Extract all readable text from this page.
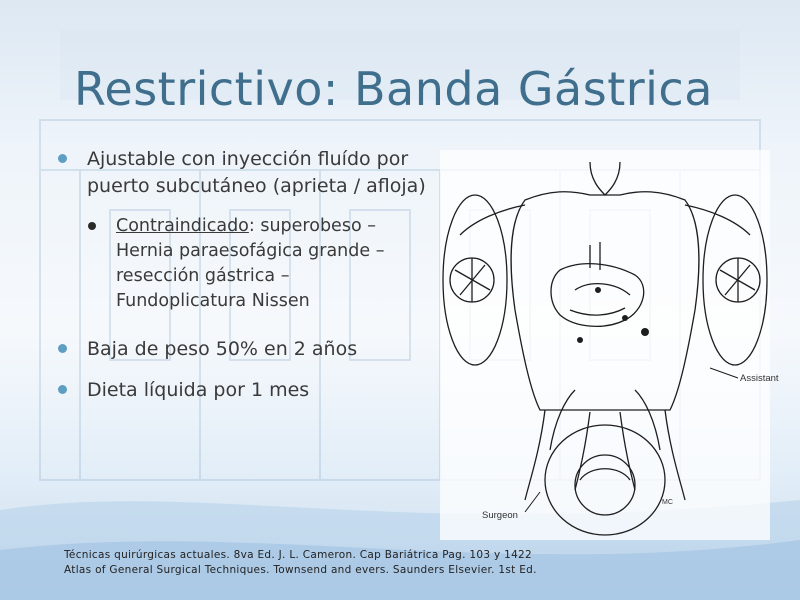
Restrictivo: Banda Gástrica
Ajustable con inyección fluído por puerto subcutáneo (aprieta / afloja)
Contraindicado: superobeso – Hernia paraesofágica grande – resección gástrica – Fundoplicatura Nissen
Baja de peso 50% en 2 años
Dieta líquida por 1 mes
Assistant
Surgeon
MC
Técnicas quirúrgicas actuales. 8va Ed. J. L. Cameron. Cap Bariátrica Pag. 103 y 1422
Atlas of General Surgical Techniques. Townsend and evers. Saunders Elsevier. 1st Ed.
